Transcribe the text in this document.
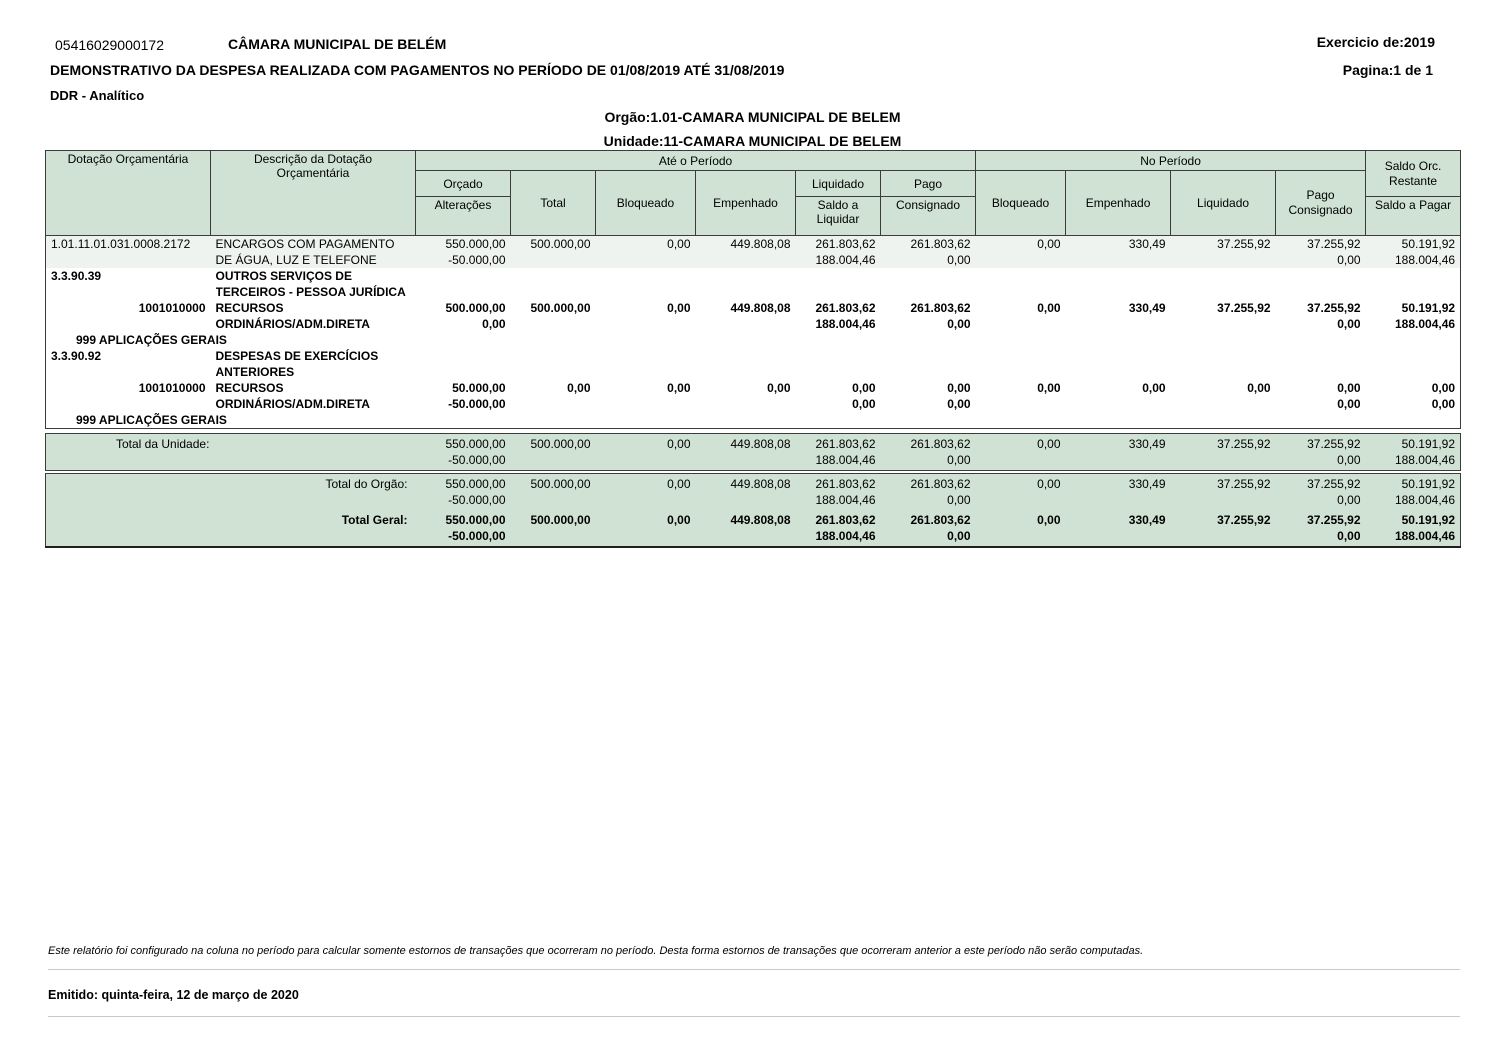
05416029000172	CÂMARA MUNICIPAL DE BELÉM	Exercicio de:2019
DEMONSTRATIVO DA DESPESA REALIZADA COM PAGAMENTOS NO PERÍODO DE 01/08/2019 ATÉ 31/08/2019	Pagina:1 de 1
DDR - Analítico
Orgão:1.01-CAMARA MUNICIPAL DE BELEM
Unidade:11-CAMARA MUNICIPAL DE BELEM
Dotação Orçamentária	Descrição da Dotação
Orçamentária
	Até o Período	No Período	Saldo Orc.
Restante

		Orçado	Total	Bloqueado	Empenhado	Liquidado	Pago	Bloqueado	Empenhado	Liquidado	Pago
Consignado	

		Alterações				Saldo a Liquidar	Consignado					Saldo a Pagar

1.01.11.01.031.0008.2172	ENCARGOS COM PAGAMENTO
DE ÁGUA, LUZ E TELEFONE

550.000,00
-50.000,00

500.000,00	0,00	449.808,08	261.803,62
188.004,46

261.803,62
0,00

0,00	330,49	37.255,92	37.255,92
0,00

50.191,92
188.004,46

3.3.90.39	OUTROS SERVIÇOS DE
TERCEIROS - PESSOA JURÍDICA											

1001010000	RECURSOS
ORDINÁRIOS/ADM.DIRETA

500.000,00
0,00

500.000,00	0,00	449.808,08	261.803,62
188.004,46

261.803,62
0,00

0,00	330,49	37.255,92	37.255,92
0,00

50.191,92
188.004,46

999 APLICAÇÕES GERAIS												

3.3.90.92	DESPESAS DE EXERCÍCIOS
ANTERIORES											

1001010000	RECURSOS
ORDINÁRIOS/ADM.DIRETA

50.000,00
-50.000,00

0,00	0,00	0,00	0,00
0,00

0,00
0,00

0,00	0,00	0,00	0,00
0,00

0,00
0,00

999 APLICAÇÕES GERAIS												

Total da Unidade:	550.000,00
-50.000,00

500.000,00	0,00	449.808,08	261.803,62
188.004,46

261.803,62
0,00

0,00	330,49	37.255,92	37.255,92
0,00

50.191,92
188.004,46
Total do Orgão:	550.000,00
-50.000,00

500.000,00	0,00	449.808,08	261.803,62
188.004,46

261.803,62
0,00

0,00	330,49	37.255,92	37.255,92
0,00

50.191,92
188.004,46

Total Geral:	550.000,00
-50.000,00

500.000,00	0,00	449.808,08	261.803,62
188.004,46

261.803,62
0,00

0,00	330,49	37.255,92	37.255,92
0,00

50.191,92
188.004,46
Este relatório foi configurado na coluna no período para calcular somente estornos de transações que ocorreram no período. Desta forma estornos de transações que ocorreram anterior a este período não serão computadas.
Emitido: quinta-feira, 12 de março de 2020
